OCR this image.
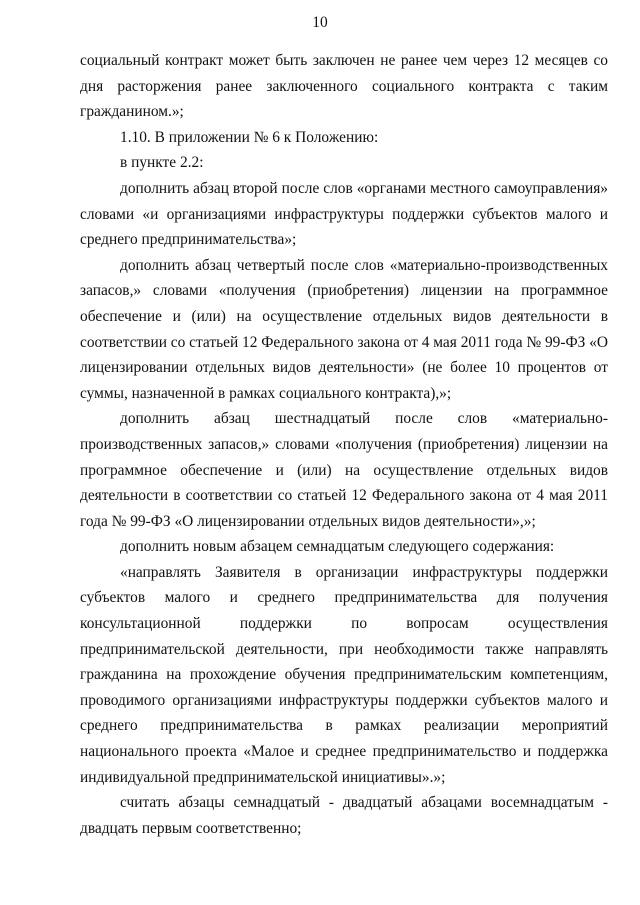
10

социальный контракт может быть заключен не ранее чем через 12 месяцев со дня расторжения ранее заключенного социального контракта с таким гражданином.»;

1.10. В приложении № 6 к Положению:

в пункте 2.2:

дополнить абзац второй после слов «органами местного самоуправления» словами «и организациями инфраструктуры поддержки субъектов малого и среднего предпринимательства»;

дополнить абзац четвертый после слов «материально-производственных запасов,» словами «получения (приобретения) лицензии на программное обеспечение и (или) на осуществление отдельных видов деятельности в соответствии со статьей 12 Федерального закона от 4 мая 2011 года № 99-ФЗ «О лицензировании отдельных видов деятельности» (не более 10 процентов от суммы, назначенной в рамках социального контракта),»;

дополнить абзац шестнадцатый после слов «материально-производственных запасов,» словами «получения (приобретения) лицензии на программное обеспечение и (или) на осуществление отдельных видов деятельности в соответствии со статьей 12 Федерального закона от 4 мая 2011 года № 99-ФЗ «О лицензировании отдельных видов деятельности»,»;

дополнить новым абзацем семнадцатым следующего содержания:

«направлять Заявителя в организации инфраструктуры поддержки субъектов малого и среднего предпринимательства для получения консультационной поддержки по вопросам осуществления предпринимательской деятельности, при необходимости также направлять гражданина на прохождение обучения предпринимательским компетенциям, проводимого организациями инфраструктуры поддержки субъектов малого и среднего предпринимательства в рамках реализации мероприятий национального проекта «Малое и среднее предпринимательство и поддержка индивидуальной предпринимательской инициативы».»;

считать абзацы семнадцатый - двадцатый абзацами восемнадцатым - двадцать первым соответственно;
